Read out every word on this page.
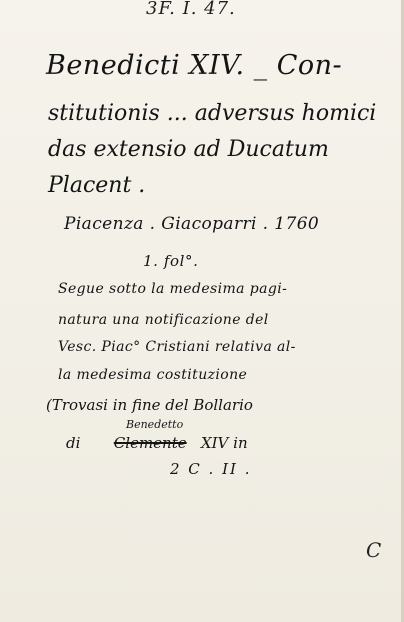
3F. I. 47.
Benedicti XIV. _ Con-
stitutionis ... adversus homici
das extensio ad Ducatum
Placent .
Piacenza . Giacoparri . 1760
1. fol°.
Segue sotto la medesima pagi-
natura una notificazione del
Vesc. Piac° Cristiani relativa al-
la medesima costituzione
(Trovasi in fine del Bollario
Benedetto
di Clemente XIV in
2 C . II .
C
